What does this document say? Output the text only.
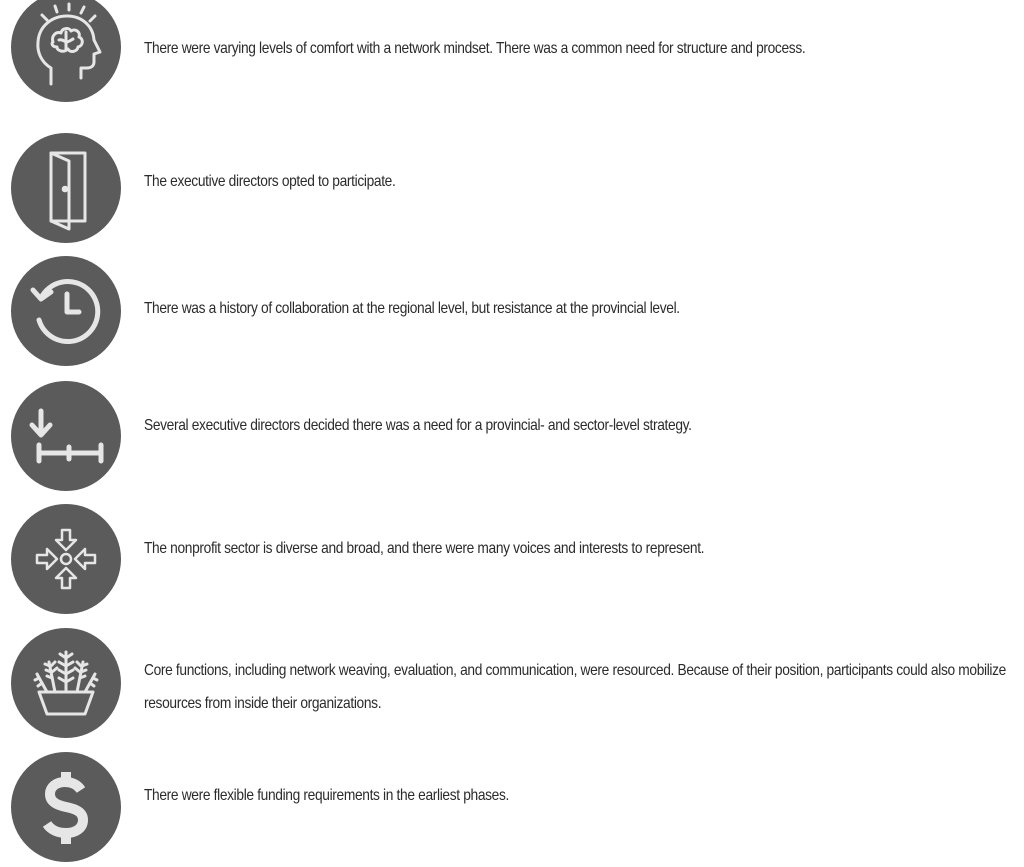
There were varying levels of comfort with a network mindset. There was a common need for structure and process.
The executive directors opted to participate.
There was a history of collaboration at the regional level, but resistance at the provincial level.
Several executive directors decided there was a need for a provincial- and sector-level strategy.
The nonprofit sector is diverse and broad, and there were many voices and interests to represent.
Core functions, including network weaving, evaluation, and communication, were resourced. Because of their position, participants could also mobilize resources from inside their organizations.
There were flexible funding requirements in the earliest phases.
